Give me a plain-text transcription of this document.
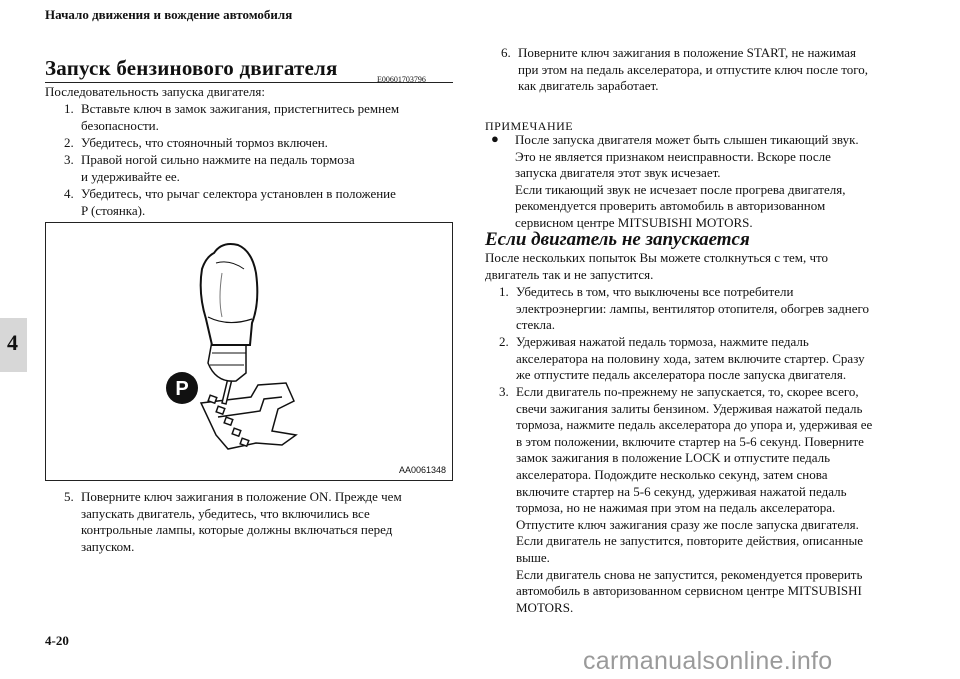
Начало движения и вождение автомобиля
4
Запуск бензинового двигателя	E00601703796
Последовательность запуска двигателя:
1. Вставьте ключ в замок зажигания, пристегнитесь ремнем
безопасности.
2. Убедитесь, что стояночный тормоз включен.
3. Правой ногой сильно нажмите на педаль тормоза
и удерживайте ее.
4. Убедитесь, что рычаг селектора установлен в положение
P (стоянка).
P
AA0061348
5. Поверните ключ зажигания в положение ON. Прежде чем
запускать двигатель, убедитесь, что включились все
контрольные лампы, которые должны включаться перед
запуском.
6. Поверните ключ зажигания в положение START, не нажимая
при этом на педаль акселератора, и отпустите ключ после того,
как двигатель заработает.
ПРИМЕЧАНИЕ
● После запуска двигателя может быть слышен тикающий звук.
Это не является признаком неисправности. Вскоре после
запуска двигателя этот звук исчезает.
Если тикающий звук не исчезает после прогрева двигателя,
рекомендуется проверить автомобиль в авторизованном
сервисном центре MITSUBISHI MOTORS.
Если двигатель не запускается
После нескольких попыток Вы можете столкнуться с тем, что
двигатель так и не запустится.
1. Убедитесь в том, что выключены все потребители
электроэнергии: лампы, вентилятор отопителя, обогрев заднего
стекла.
2. Удерживая нажатой педаль тормоза, нажмите педаль
акселератора на половину хода, затем включите стартер. Сразу
же отпустите педаль акселератора после запуска двигателя.
3. Если двигатель по-прежнему не запускается, то, скорее всего,
свечи зажигания залиты бензином. Удерживая нажатой педаль
тормоза, нажмите педаль акселератора до упора и, удерживая ее
в этом положении, включите стартер на 5-6 секунд. Поверните
замок зажигания в положение LOCK и отпустите педаль
акселератора. Подождите несколько секунд, затем снова
включите стартер на 5-6 секунд, удерживая нажатой педаль
тормоза, но не нажимая при этом на педаль акселератора.
Отпустите ключ зажигания сразу же после запуска двигателя.
Если двигатель не запустится, повторите действия, описанные
выше.
Если двигатель снова не запустится, рекомендуется проверить
автомобиль в авторизованном сервисном центре MITSUBISHI
MOTORS.
4-20
carmanualsonline.info
